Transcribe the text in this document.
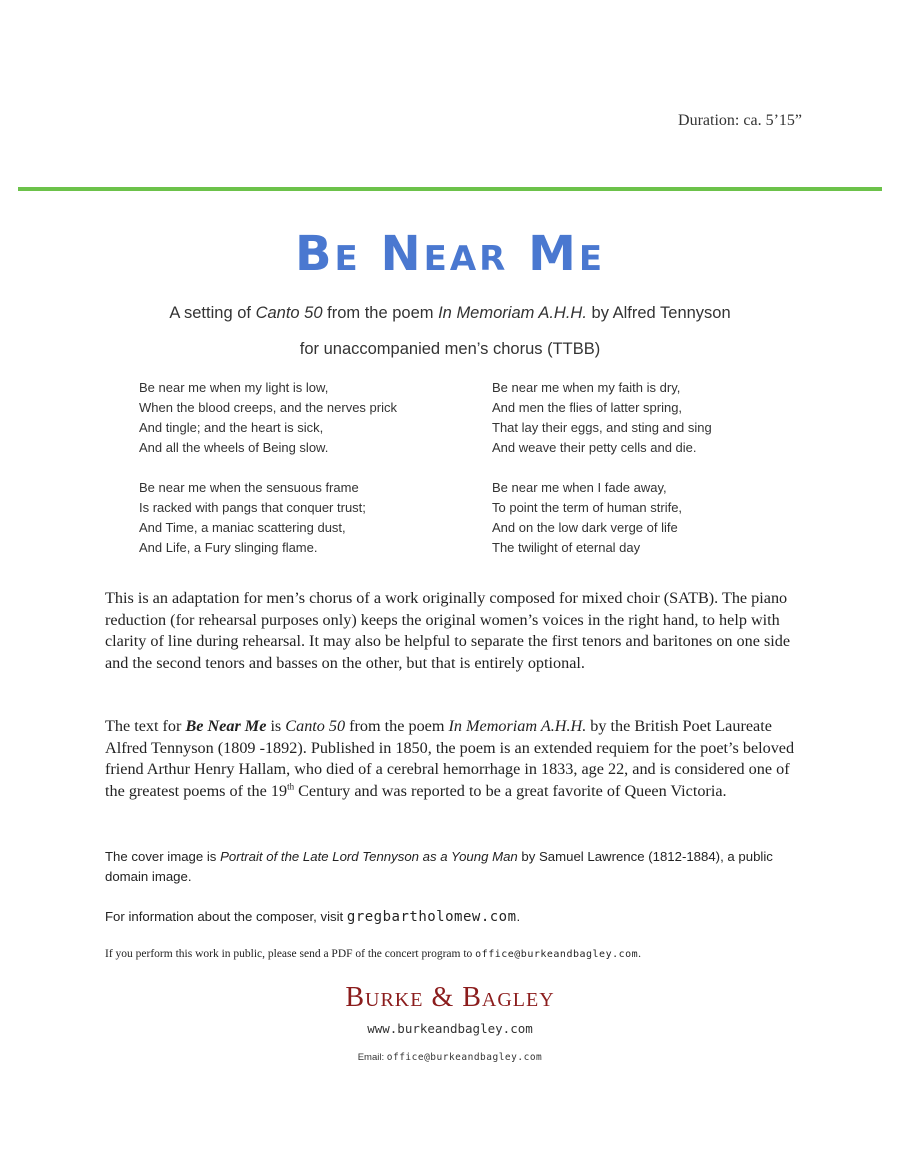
Duration: ca. 5’15”
Be Near Me
A setting of Canto 50 from the poem In Memoriam A.H.H. by Alfred Tennyson
for unaccompanied men’s chorus (TTBB)
Be near me when my light is low,
When the blood creeps, and the nerves prick
And tingle; and the heart is sick,
And all the wheels of Being slow.
Be near me when my faith is dry,
And men the flies of latter spring,
That lay their eggs, and sting and sing
And weave their petty cells and die.
Be near me when the sensuous frame
Is racked with pangs that conquer trust;
And Time, a maniac scattering dust,
And Life, a Fury slinging flame.
Be near me when I fade away,
To point the term of human strife,
And on the low dark verge of life
The twilight of eternal day
This is an adaptation for men’s chorus of a work originally composed for mixed choir (SATB). The piano reduction (for rehearsal purposes only) keeps the original women’s voices in the right hand, to help with clarity of line during rehearsal. It may also be helpful to separate the first tenors and baritones on one side and the second tenors and basses on the other, but that is entirely optional.
The text for Be Near Me is Canto 50 from the poem In Memoriam A.H.H. by the British Poet Laureate Alfred Tennyson (1809 -1892). Published in 1850, the poem is an extended requiem for the poet’s beloved friend Arthur Henry Hallam, who died of a cerebral hemorrhage in 1833, age 22, and is considered one of the greatest poems of the 19th Century and was reported to be a great favorite of Queen Victoria.
The cover image is Portrait of the Late Lord Tennyson as a Young Man by Samuel Lawrence (1812-1884), a public domain image.
For information about the composer, visit gregbartholomew.com.
If you perform this work in public, please send a PDF of the concert program to office@burkeandbagley.com.
Burke & Bagley
www.burkeandbagley.com
Email: office@burkeandbagley.com
